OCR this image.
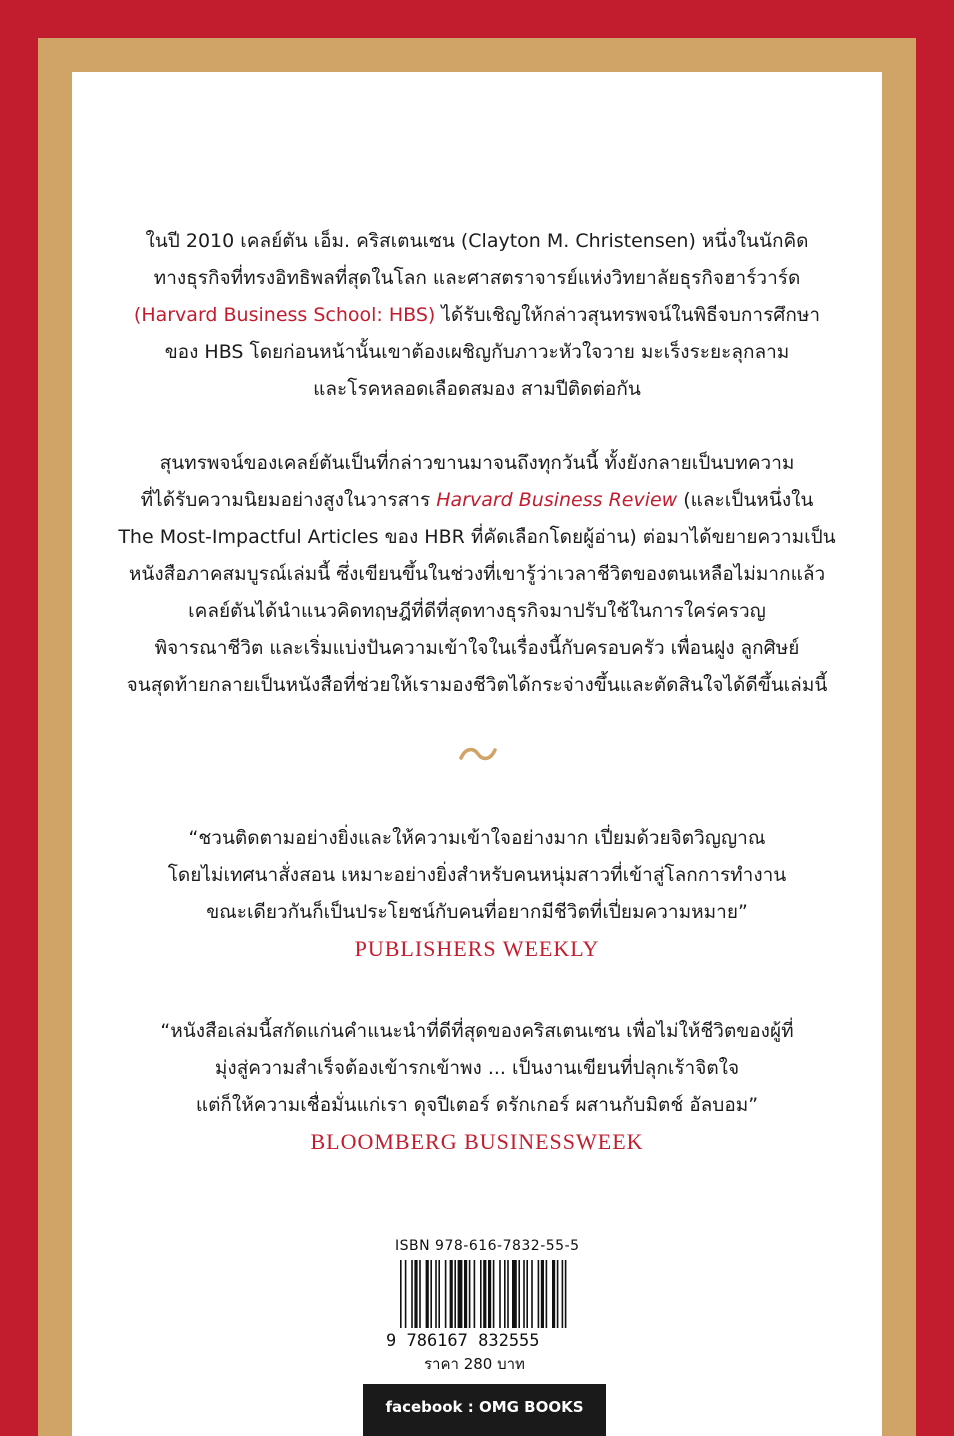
ในปี 2010 เคลย์ตัน เอ็ม. คริสเตนเซน (Clayton M. Christensen) หนึ่งในนักคิด
ทางธุรกิจที่ทรงอิทธิพลที่สุดในโลก และศาสตราจารย์แห่งวิทยาลัยธุรกิจฮาร์วาร์ด
(Harvard Business School: HBS) ได้รับเชิญให้กล่าวสุนทรพจน์ในพิธีจบการศึกษา
ของ HBS โดยก่อนหน้านั้นเขาต้องเผชิญกับภาวะหัวใจวาย มะเร็งระยะลุกลาม
และโรคหลอดเลือดสมอง สามปีติดต่อกัน
สุนทรพจน์ของเคลย์ตันเป็นที่กล่าวขานมาจนถึงทุกวันนี้ ทั้งยังกลายเป็นบทความ
ที่ได้รับความนิยมอย่างสูงในวารสาร Harvard Business Review (และเป็นหนึ่งใน
The Most-Impactful Articles ของ HBR ที่คัดเลือกโดยผู้อ่าน) ต่อมาได้ขยายความเป็น
หนังสือภาคสมบูรณ์เล่มนี้ ซึ่งเขียนขึ้นในช่วงที่เขารู้ว่าเวลาชีวิตของตนเหลือไม่มากแล้ว
เคลย์ตันได้นำแนวคิดทฤษฎีที่ดีที่สุดทางธุรกิจมาปรับใช้ในการใคร่ครวญ
พิจารณาชีวิต และเริ่มแบ่งปันความเข้าใจในเรื่องนี้กับครอบครัว เพื่อนฝูง ลูกศิษย์
จนสุดท้ายกลายเป็นหนังสือที่ช่วยให้เรามองชีวิตได้กระจ่างขึ้นและตัดสินใจได้ดีขึ้นเล่มนี้
“ชวนติดตามอย่างยิ่งและให้ความเข้าใจอย่างมาก เปี่ยมด้วยจิตวิญญาณ
โดยไม่เทศนาสั่งสอน เหมาะอย่างยิ่งสำหรับคนหนุ่มสาวที่เข้าสู่โลกการทำงาน
ขณะเดียวกันก็เป็นประโยชน์กับคนที่อยากมีชีวิตที่เปี่ยมความหมาย”
PUBLISHERS WEEKLY
“หนังสือเล่มนี้สกัดแก่นคำแนะนำที่ดีที่สุดของคริสเตนเซน เพื่อไม่ให้ชีวิตของผู้ที่
มุ่งสู่ความสำเร็จต้องเข้ารกเข้าพง ... เป็นงานเขียนที่ปลุกเร้าจิตใจ
แต่ก็ให้ความเชื่อมั่นแก่เรา ดุจปีเตอร์ ดรักเกอร์ ผสานกับมิตช์ อัลบอม”
BLOOMBERG BUSINESSWEEK
ISBN 978-616-7832-55-5
9 786167 832555
ราคา 280 บาท
facebook : OMG BOOKS
